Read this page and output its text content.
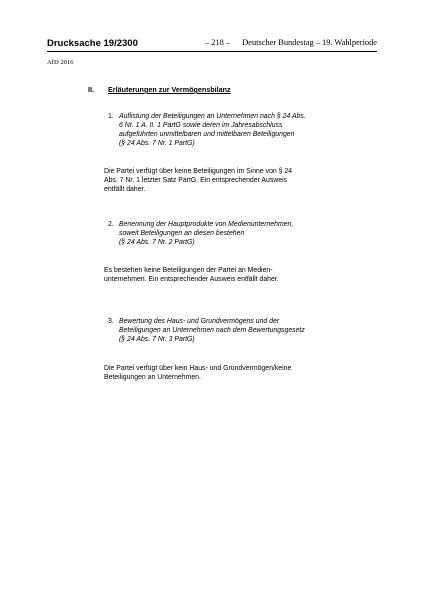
Drucksache 19/2300	– 218 – Deutscher Bundestag – 19. Wahlperiode
AfD 2016
II. Erläuterungen zur Vermögensbilanz
1. Auflistung der Beteiligungen an Unternehmen nach § 24 Abs.
6 Nr. 1 A. II. 1 PartG sowie deren im Jahresabschluss
aufgeführten unmittelbaren und mittelbaren Beteiligungen
(§ 24 Abs. 7 Nr. 1 PartG)
Die Partei verfügt über keine Beteiligungen im Sinne von § 24
Abs. 7 Nr. 1 letzter Satz PartG. Ein entsprechender Ausweis
entfällt daher.
2. Benennung der Hauptprodukte von Medienunternehmen,
soweit Beteiligungen an diesen bestehen
(§ 24 Abs. 7 Nr. 2 PartG)
Es bestehen keine Beteiligungen der Partei an Medien-
unternehmen. Ein entsprechender Ausweis entfällt daher.
3. Bewertung des Haus- und Grundvermögens und der
Beteiligungen an Unternehmen nach dem Bewertungsgesetz
(§ 24 Abs. 7 Nr. 3 PartG)
Die Partei verfügt über kein Haus- und Grundvermögen/keine
Beteiligungen an Unternehmen.
